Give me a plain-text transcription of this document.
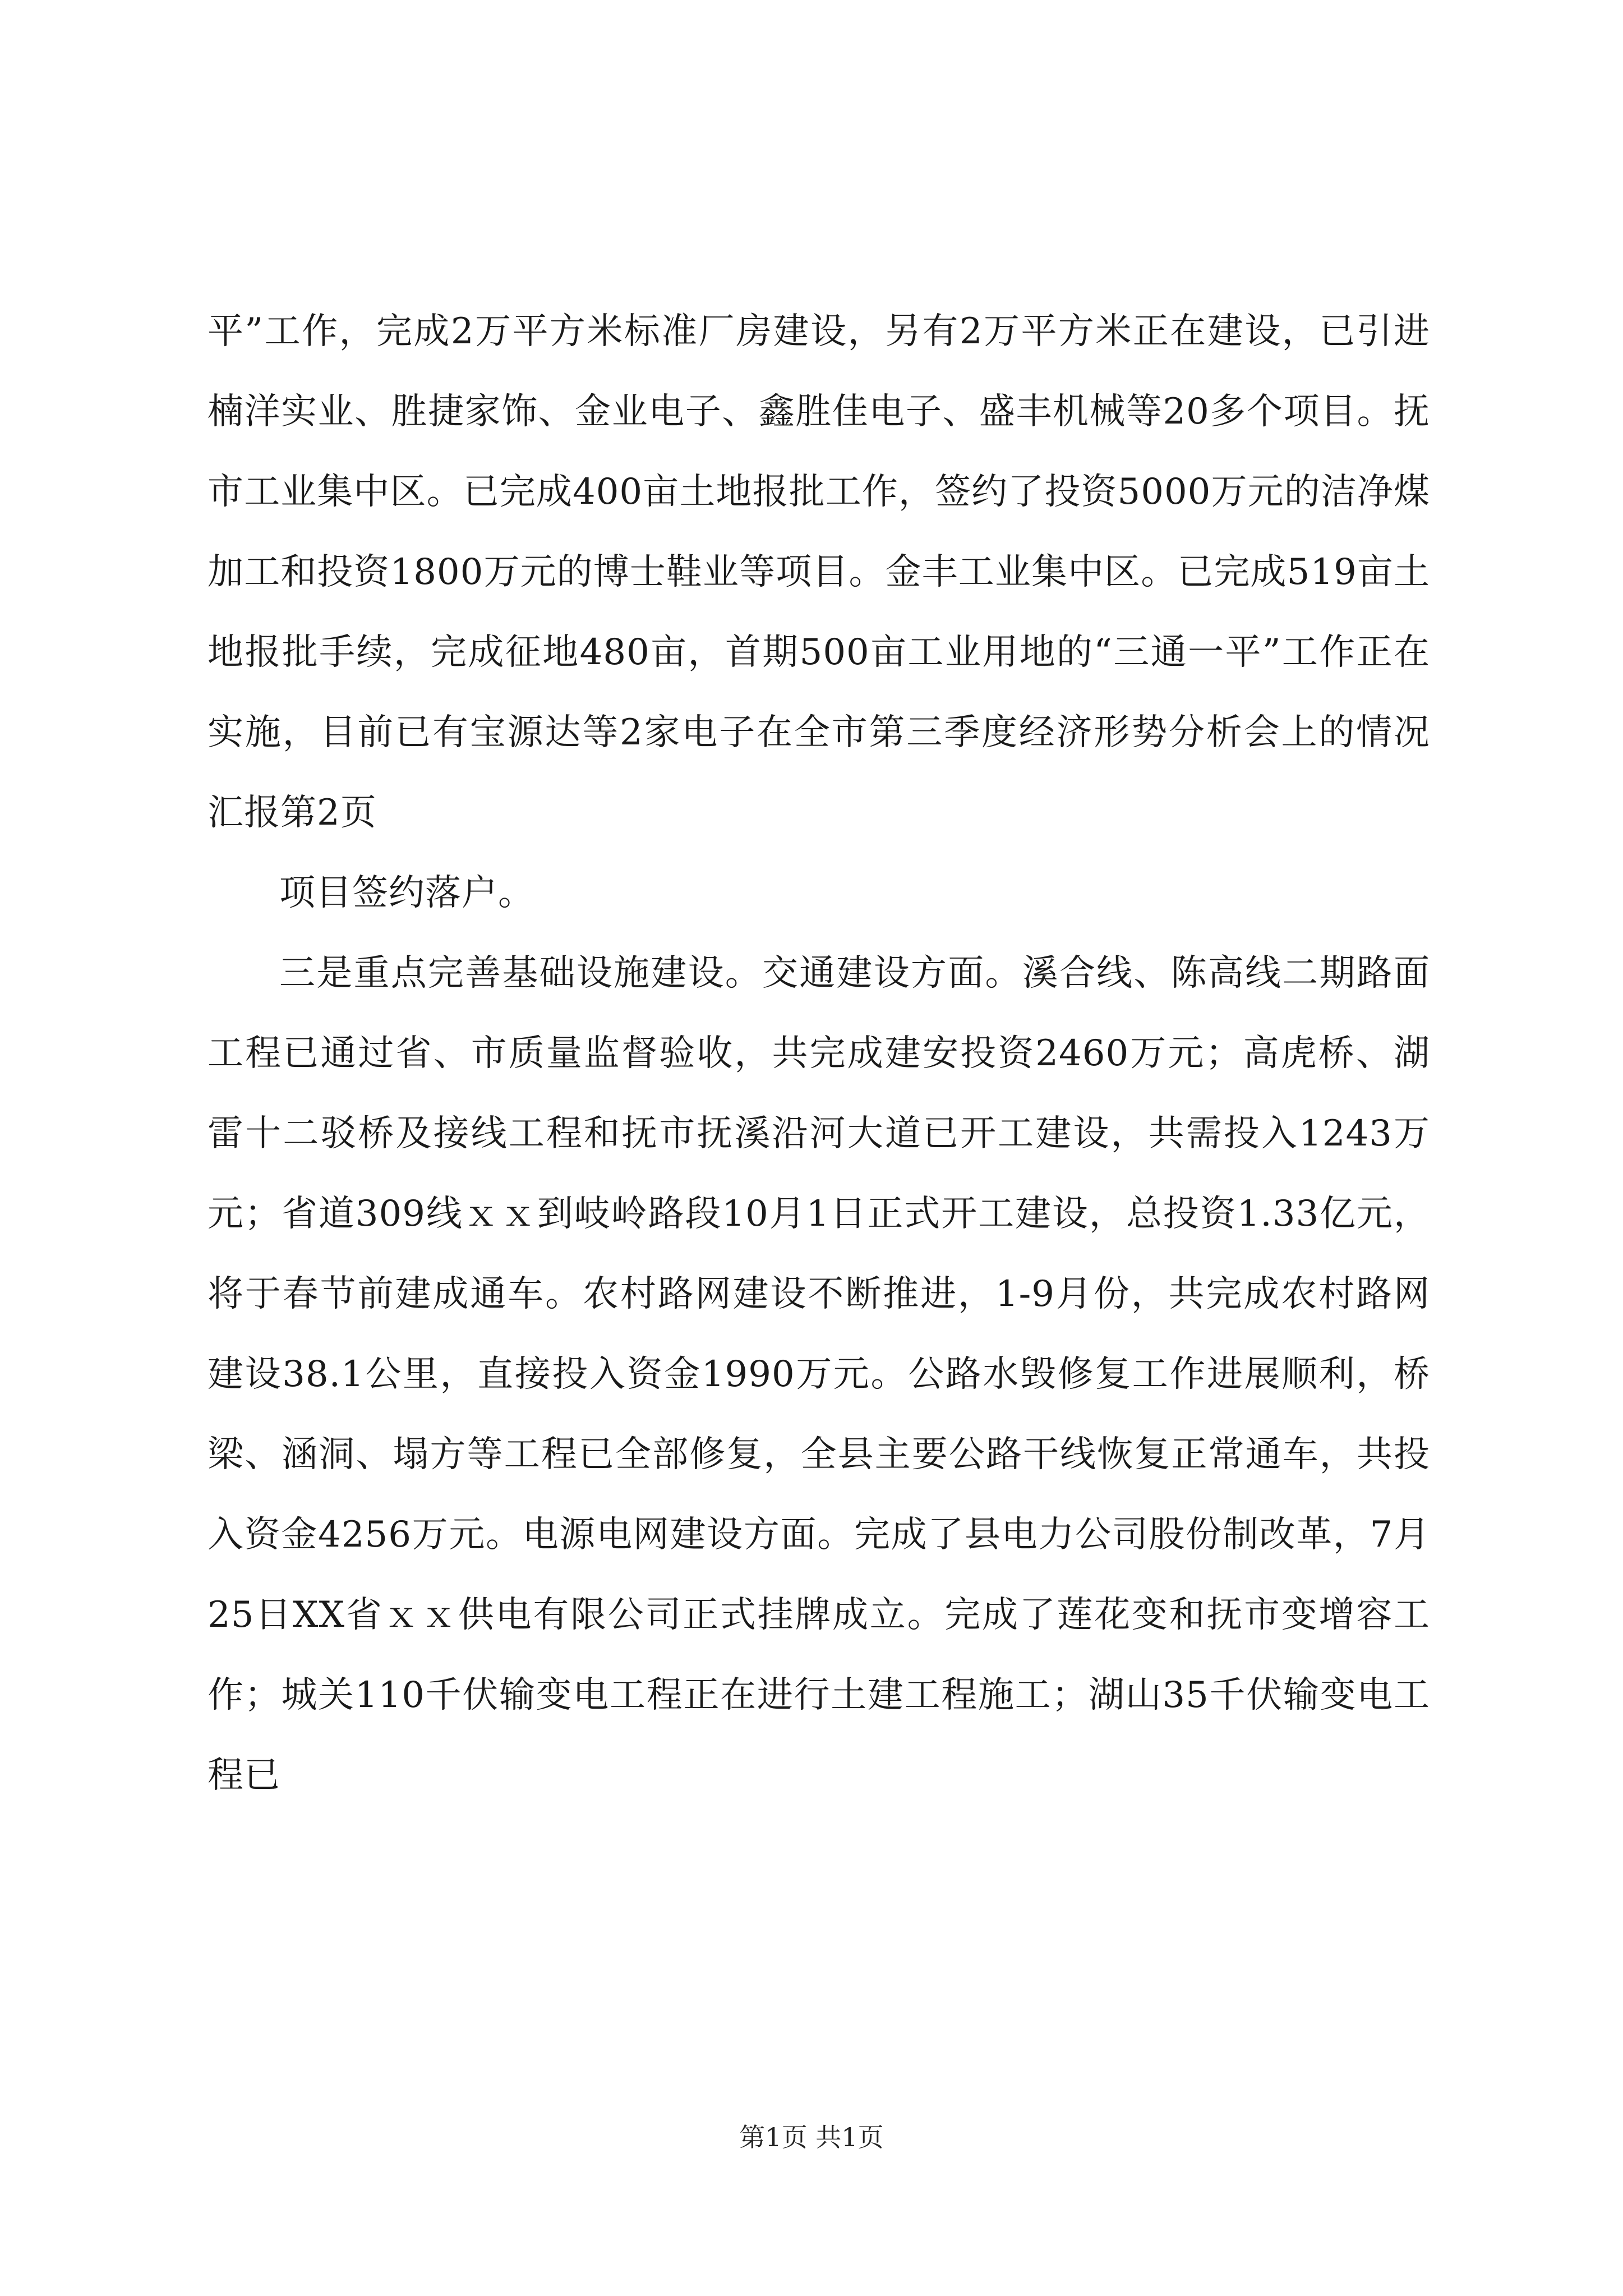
平”工作，完成2万平方米标准厂房建设，另有2万平方米正在建设，已引进楠洋实业、胜捷家饰、金业电子、鑫胜佳电子、盛丰机械等20多个项目。抚市工业集中区。已完成400亩土地报批工作，签约了投资5000万元的洁净煤加工和投资1800万元的博士鞋业等项目。金丰工业集中区。已完成519亩土地报批手续，完成征地480亩，首期500亩工业用地的“三通一平”工作正在实施，目前已有宝源达等2家电子在全市第三季度经济形势分析会上的情况汇报第2页

项目签约落户。

三是重点完善基础设施建设。交通建设方面。溪合线、陈高线二期路面工程已通过省、市质量监督验收，共完成建安投资2460万元；高虎桥、湖雷十二驳桥及接线工程和抚市抚溪沿河大道已开工建设，共需投入1243万元；省道309线ｘｘ到岐岭路段10月1日正式开工建设，总投资1.33亿元，将于春节前建成通车。农村路网建设不断推进，1-9月份，共完成农村路网建设38.1公里，直接投入资金1990万元。公路水毁修复工作进展顺利，桥梁、涵洞、塌方等工程已全部修复，全县主要公路干线恢复正常通车，共投入资金4256万元。电源电网建设方面。完成了县电力公司股份制改革，7月25日XX省ｘｘ供电有限公司正式挂牌成立。完成了莲花变和抚市变增容工作；城关110千伏输变电工程正在进行土建工程施工；湖山35千伏输变电工程已

第1页 共1页
